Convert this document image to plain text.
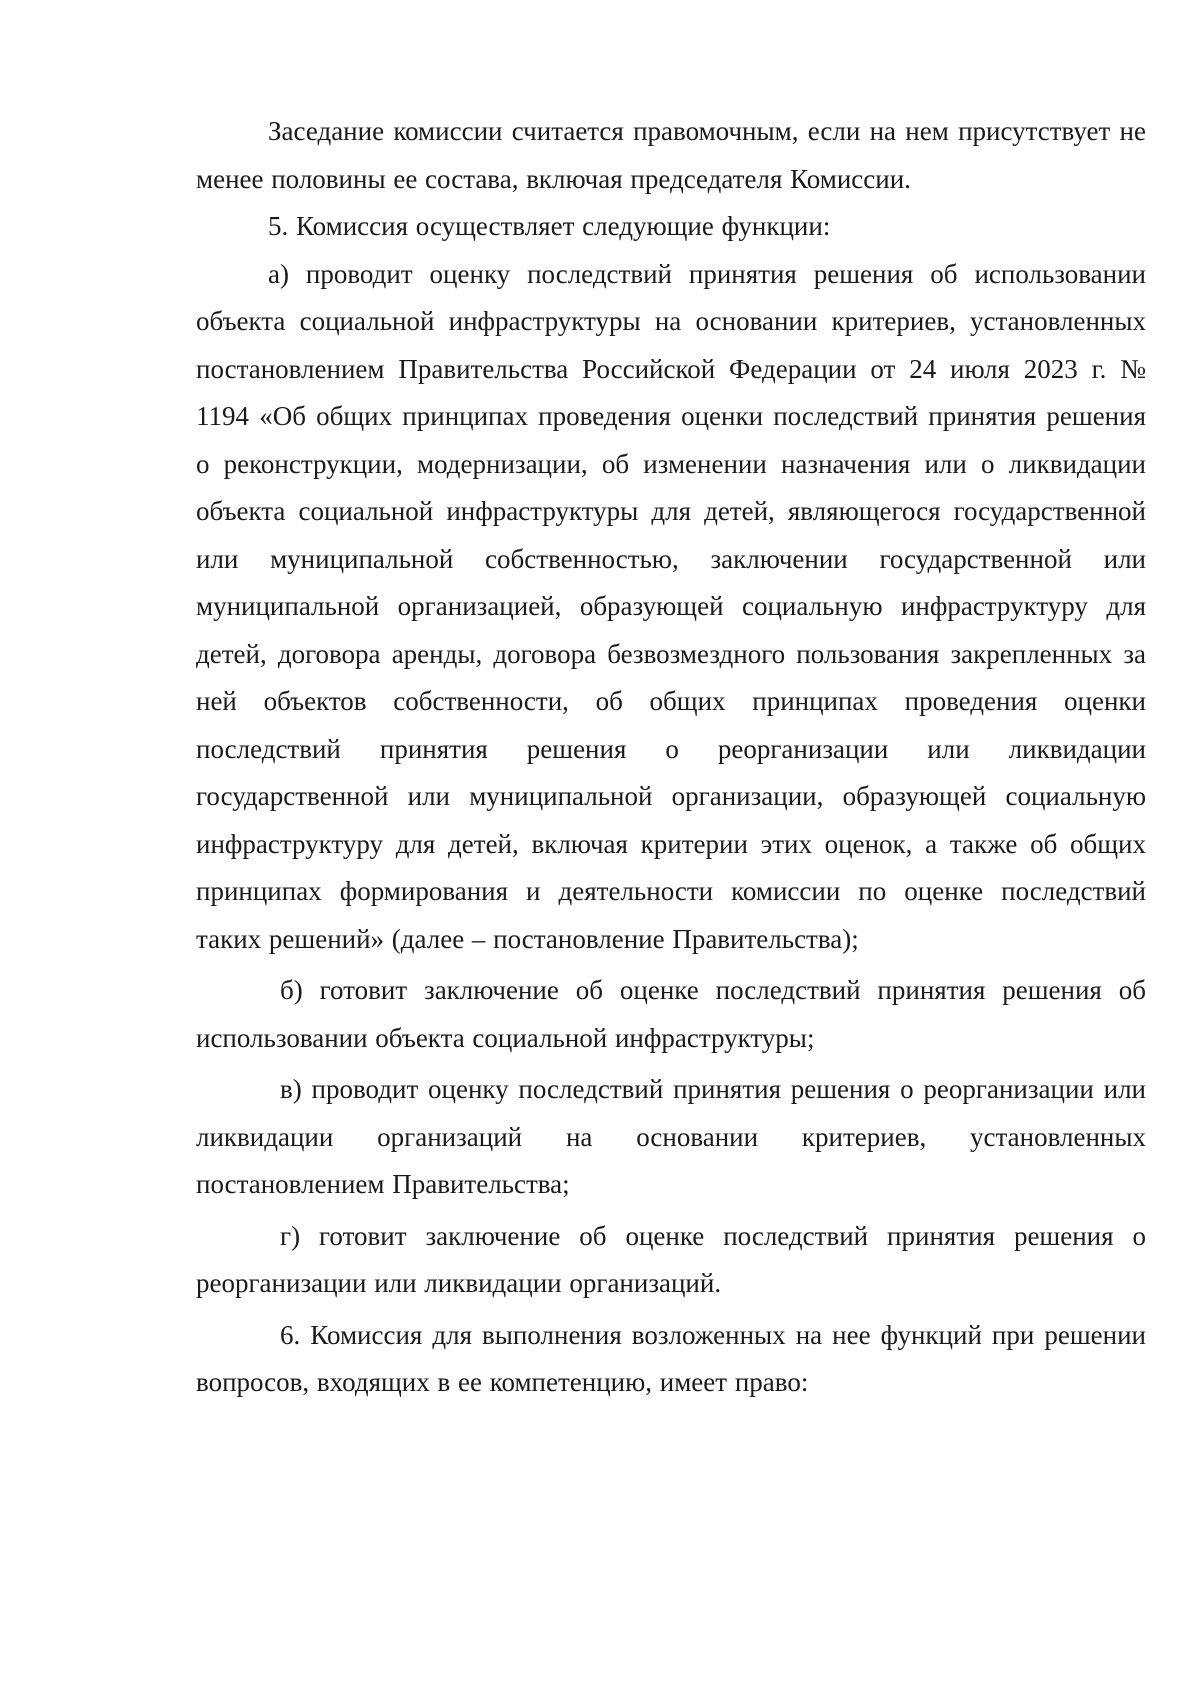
Заседание комиссии считается правомочным, если на нем присутствует не менее половины ее состава, включая председателя Комиссии.

5. Комиссия осуществляет следующие функции:

а) проводит оценку последствий принятия решения об использовании объекта социальной инфраструктуры на основании критериев, установленных постановлением Правительства Российской Федерации от 24 июля 2023 г. № 1194 «Об общих принципах проведения оценки последствий принятия решения о реконструкции, модернизации, об изменении назначения или о ликвидации объекта социальной инфраструктуры для детей, являющегося государственной или муниципальной собственностью, заключении государственной или муниципальной организацией, образующей социальную инфраструктуру для детей, договора аренды, договора безвозмездного пользования закрепленных за ней объектов собственности, об общих принципах проведения оценки последствий принятия решения о реорганизации или ликвидации государственной или муниципальной организации, образующей социальную инфраструктуру для детей, включая критерии этих оценок, а также об общих принципах формирования и деятельности комиссии по оценке последствий таких решений» (далее – постановление Правительства);

б) готовит заключение об оценке последствий принятия решения об использовании объекта социальной инфраструктуры;

в) проводит оценку последствий принятия решения о реорганизации или ликвидации организаций на основании критериев, установленных постановлением Правительства;

г) готовит заключение об оценке последствий принятия решения о реорганизации или ликвидации организаций.

6. Комиссия для выполнения возложенных на нее функций при решении вопросов, входящих в ее компетенцию, имеет право:
